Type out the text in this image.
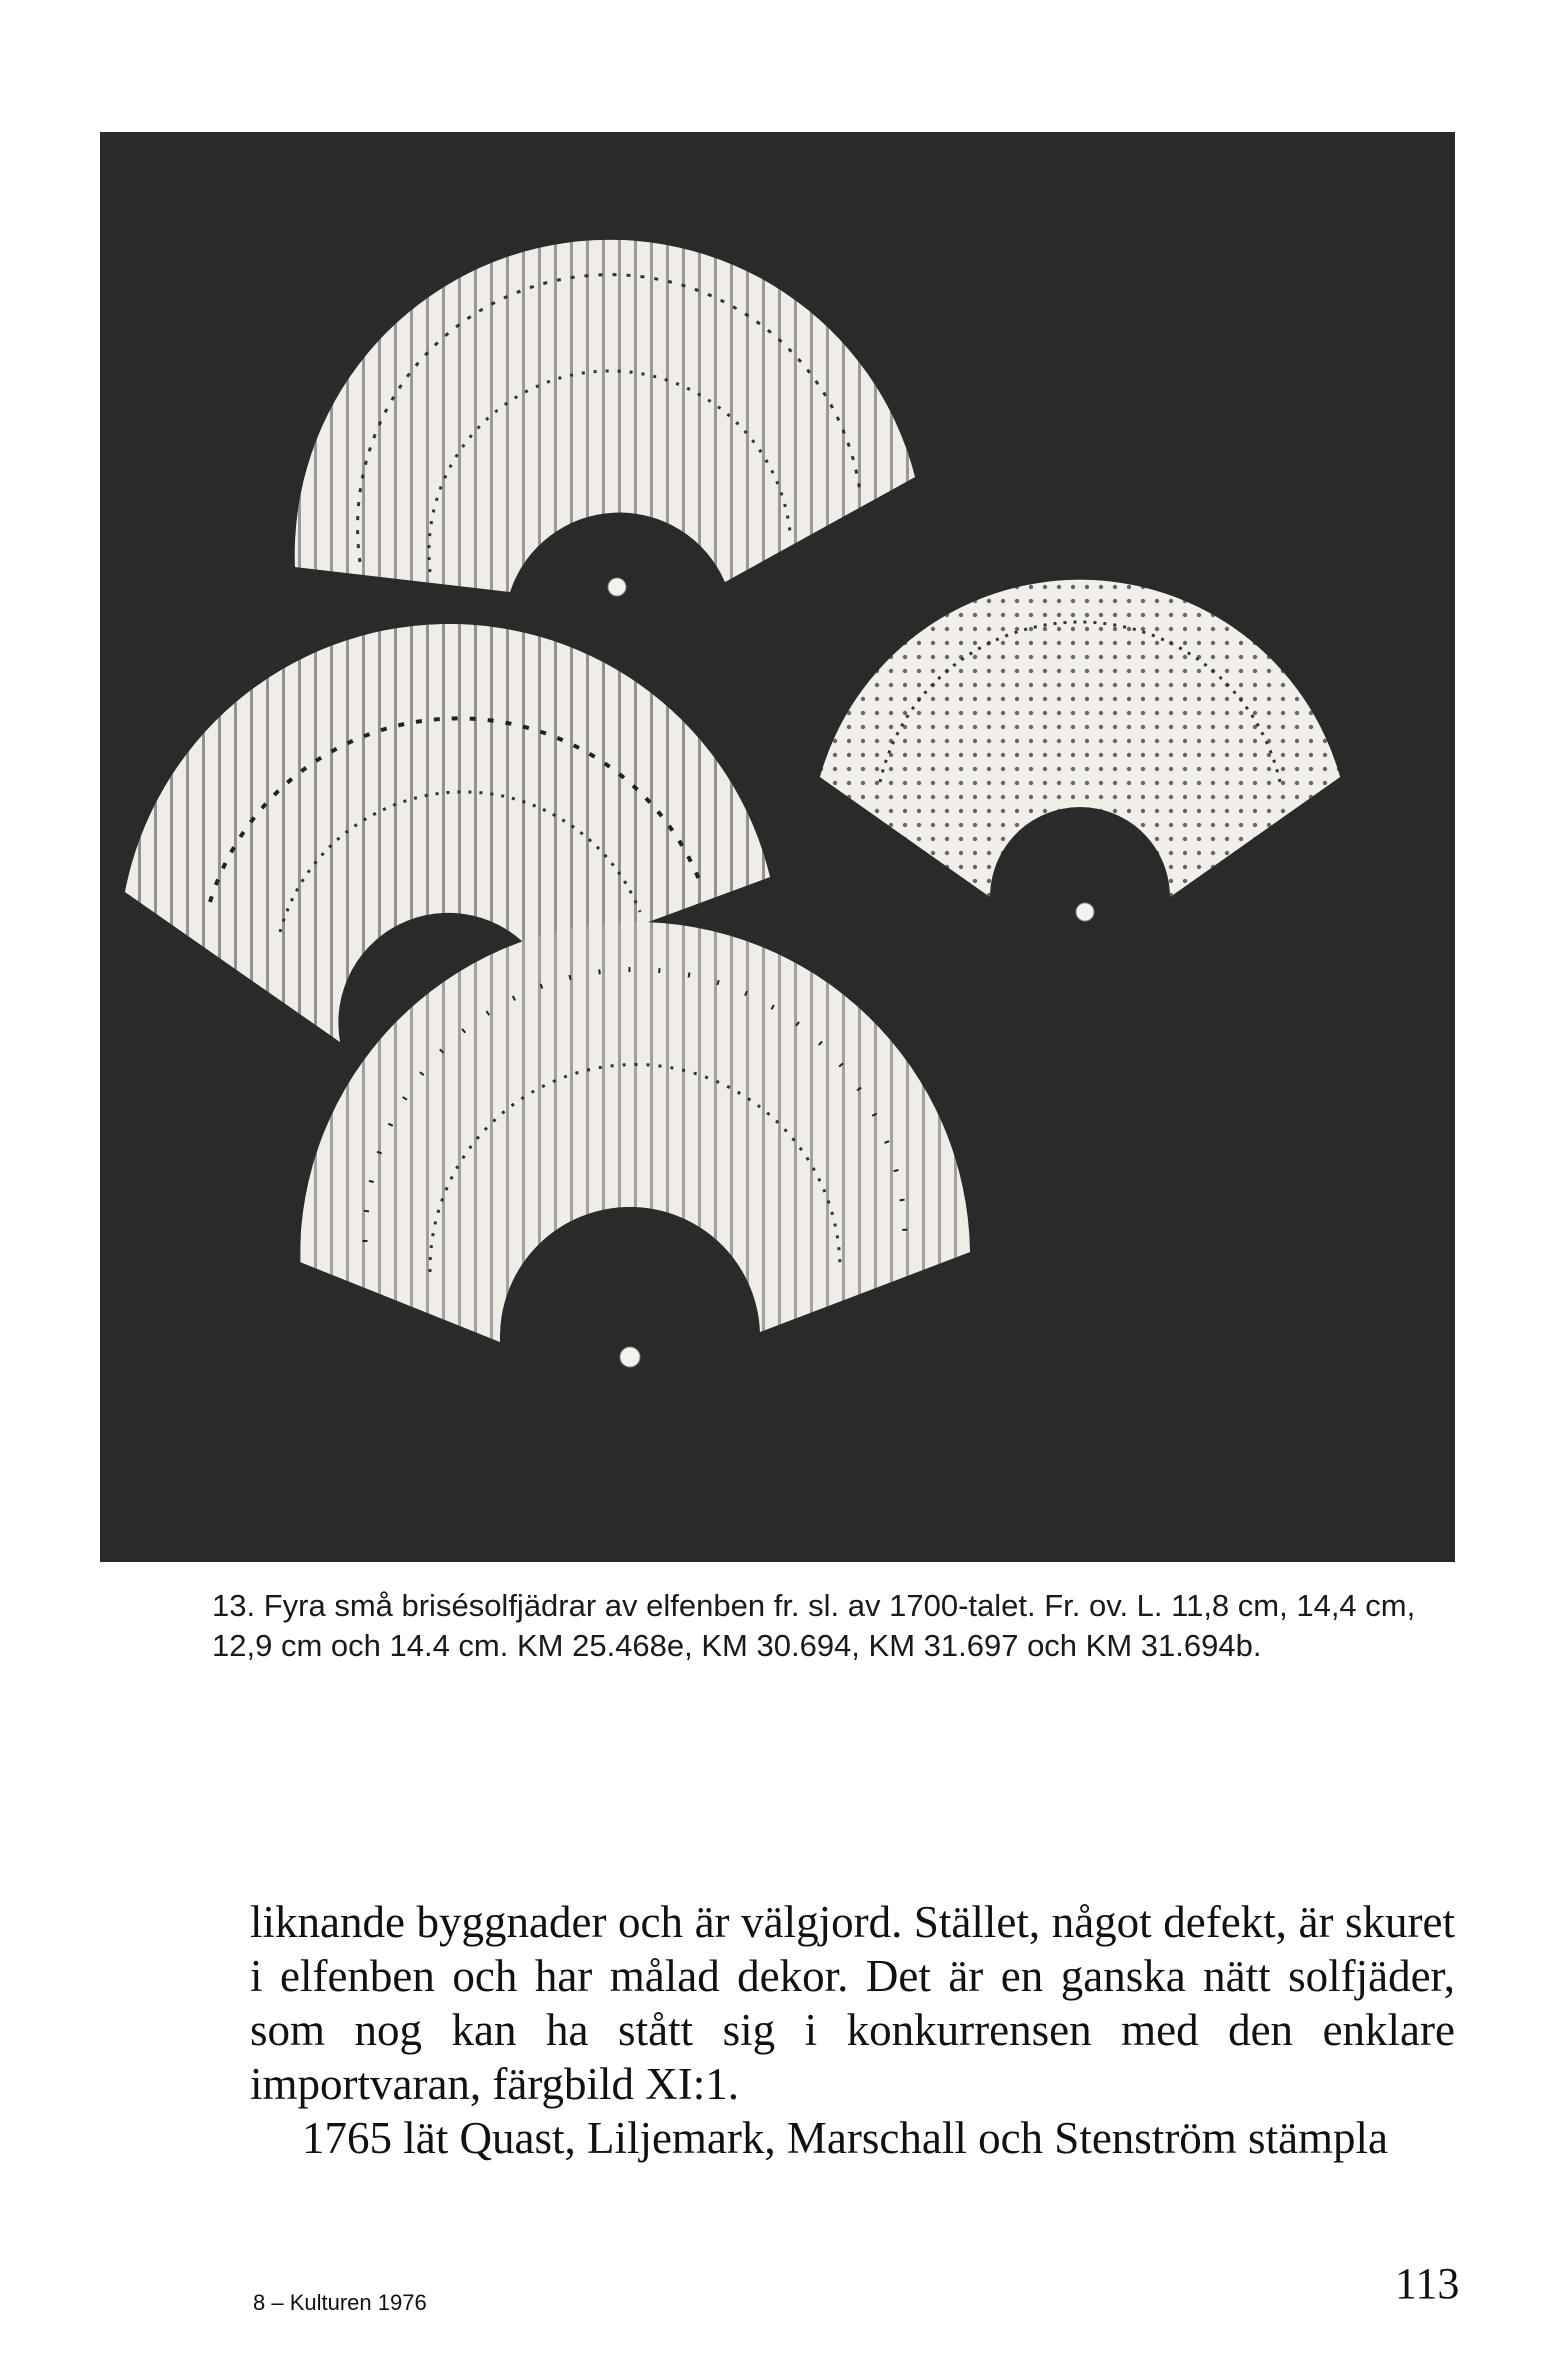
13. Fyra små brisésolfjädrar av elfenben fr. sl. av 1700-talet. Fr. ov. L. 11,8 cm, 14,4 cm, 12,9 cm och 14.4 cm. KM 25.468e, KM 30.694, KM 31.697 och KM 31.694b.

liknande byggnader och är välgjord. Stället, något defekt, är skuret i elfenben och har målad dekor. Det är en ganska nätt solfjäder, som nog kan ha stått sig i konkurrensen med den enklare importvaran, färgbild XI:1.

1765 lät Quast, Liljemark, Marschall och Stenström stämpla

8 – Kulturen 1976	113
